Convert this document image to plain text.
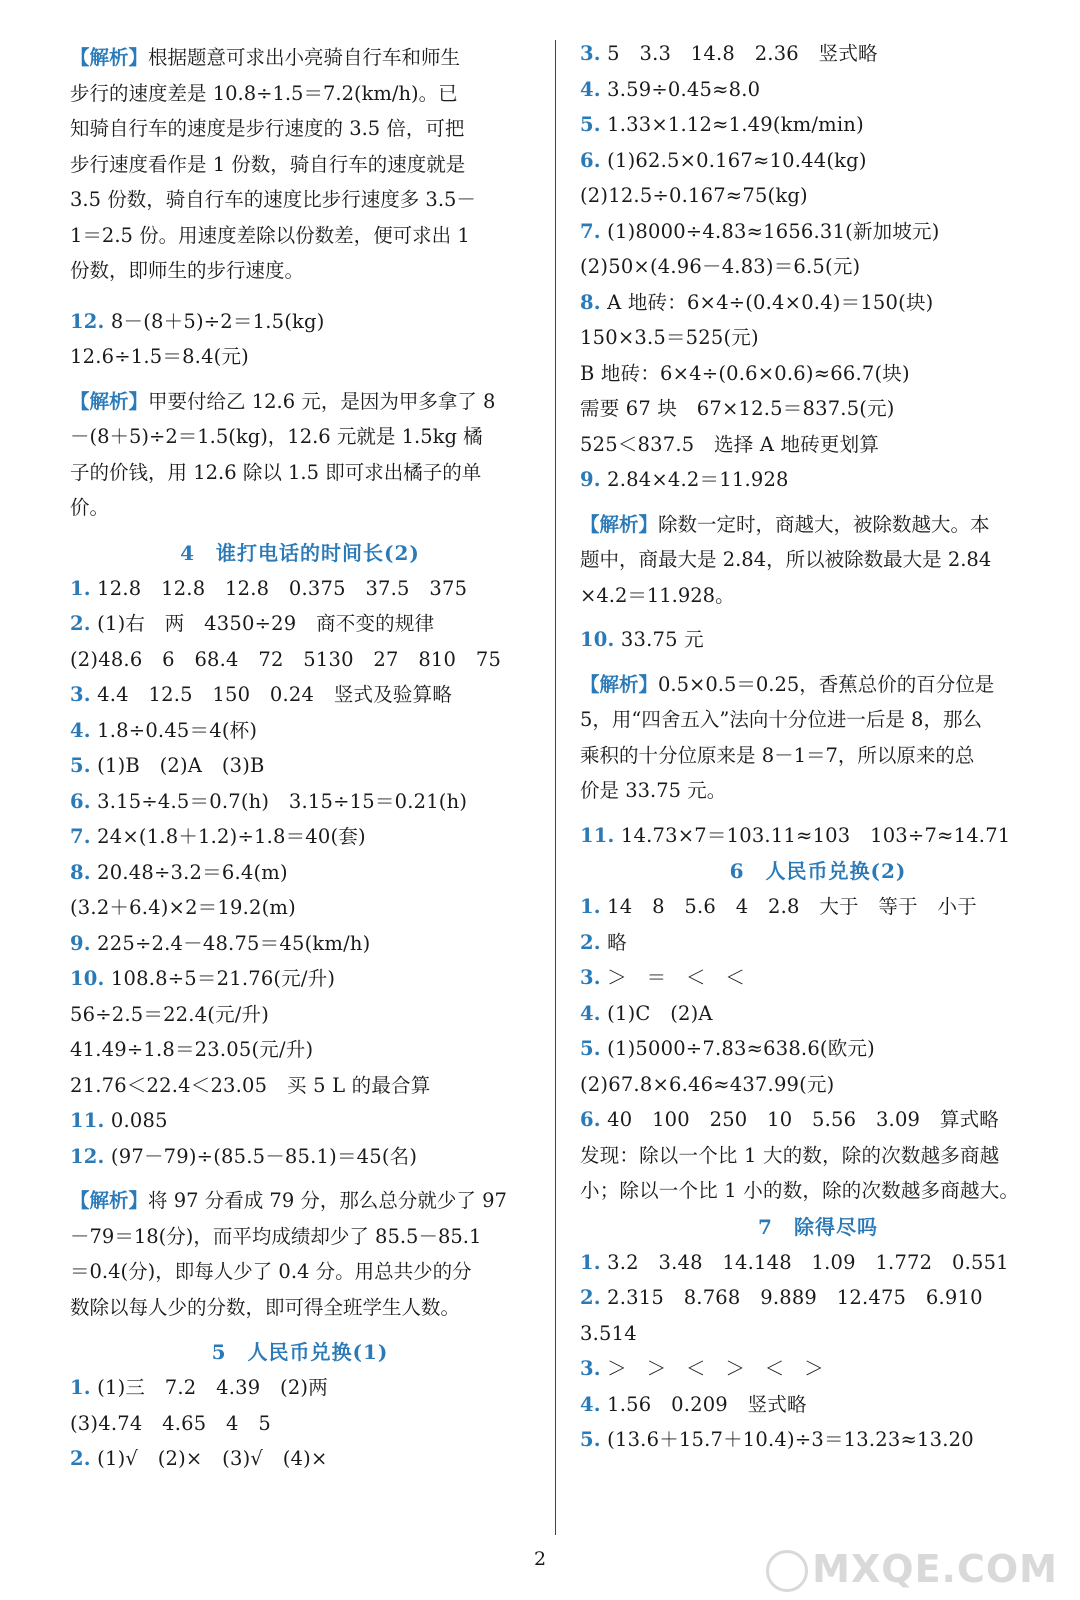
【解析】根据题意可求出小亮骑自行车和师生
步行的速度差是 10.8÷1.5＝7.2(km/h)。已
知骑自行车的速度是步行速度的 3.5 倍，可把
步行速度看作是 1 份数，骑自行车的速度就是
3.5 份数，骑自行车的速度比步行速度多 3.5－
1＝2.5 份。用速度差除以份数差，便可求出 1
份数，即师生的步行速度。
12. 8－(8＋5)÷2＝1.5(kg)
12.6÷1.5＝8.4(元)
【解析】甲要付给乙 12.6 元，是因为甲多拿了 8
－(8＋5)÷2＝1.5(kg)，12.6 元就是 1.5kg 橘
子的价钱，用 12.6 除以 1.5 即可求出橘子的单
价。
4　谁打电话的时间长(2)
1. 12.8　12.8　12.8　0.375　37.5　375
2. (1)右　两　4350÷29　商不变的规律
(2)48.6　6　68.4　72　5130　27　810　75
3. 4.4　12.5　150　0.24　竖式及验算略
4. 1.8÷0.45＝4(杯)
5. (1)B　(2)A　(3)B
6. 3.15÷4.5＝0.7(h)　3.15÷15＝0.21(h)
7. 24×(1.8＋1.2)÷1.8＝40(套)
8. 20.48÷3.2＝6.4(m)
(3.2＋6.4)×2＝19.2(m)
9. 225÷2.4－48.75＝45(km/h)
10. 108.8÷5＝21.76(元/升)
56÷2.5＝22.4(元/升)
41.49÷1.8＝23.05(元/升)
21.76＜22.4＜23.05　买 5 L 的最合算
11. 0.085
12. (97－79)÷(85.5－85.1)＝45(名)
【解析】将 97 分看成 79 分，那么总分就少了 97
－79＝18(分)，而平均成绩却少了 85.5－85.1
＝0.4(分)，即每人少了 0.4 分。用总共少的分
数除以每人少的分数，即可得全班学生人数。
5　人民币兑换(1)
1. (1)三　7.2　4.39　(2)两
(3)4.74　4.65　4　5
2. (1)√　(2)×　(3)√　(4)×
3. 5　3.3　14.8　2.36　竖式略
4. 3.59÷0.45≈8.0
5. 1.33×1.12≈1.49(km/min)
6. (1)62.5×0.167≈10.44(kg)
(2)12.5÷0.167≈75(kg)
7. (1)8000÷4.83≈1656.31(新加坡元)
(2)50×(4.96－4.83)＝6.5(元)
8. A 地砖：6×4÷(0.4×0.4)＝150(块)
150×3.5＝525(元)
B 地砖：6×4÷(0.6×0.6)≈66.7(块)
需要 67 块　67×12.5＝837.5(元)
525＜837.5　选择 A 地砖更划算
9. 2.84×4.2＝11.928
【解析】除数一定时，商越大，被除数越大。本
题中，商最大是 2.84，所以被除数最大是 2.84
×4.2＝11.928。
10. 33.75 元
【解析】0.5×0.5＝0.25，香蕉总价的百分位是
5，用“四舍五入”法向十分位进一后是 8，那么
乘积的十分位原来是 8－1＝7，所以原来的总
价是 33.75 元。
11. 14.73×7＝103.11≈103　103÷7≈14.71
6　人民币兑换(2)
1. 14　8　5.6　4　2.8　大于　等于　小于
2. 略
3. ＞　＝　＜　＜
4. (1)C　(2)A
5. (1)5000÷7.83≈638.6(欧元)
(2)67.8×6.46≈437.99(元)
6. 40　100　250　10　5.56　3.09　算式略
发现：除以一个比 1 大的数，除的次数越多商越
小；除以一个比 1 小的数，除的次数越多商越大。
7　除得尽吗
1. 3.2　3.48　14.148　1.09　1.772　0.551
2. 2.315　8.768　9.889　12.475　6.910
3.514
3. ＞　＞　＜　＞　＜　＞
4. 1.56　0.209　竖式略
5. (13.6＋15.7＋10.4)÷3＝13.23≈13.20
2	MXQE.COM
